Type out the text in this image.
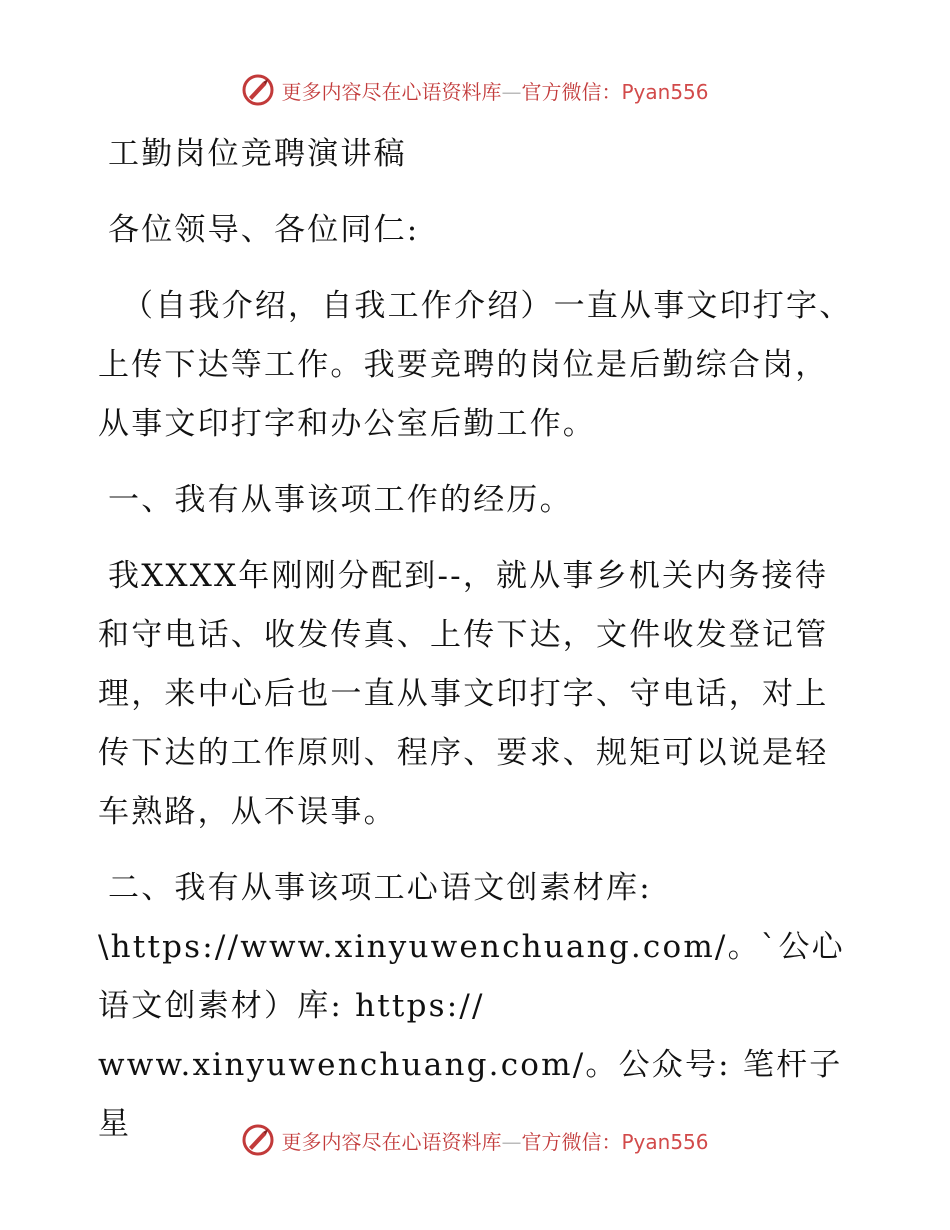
更多内容尽在心语资料库—官方微信：Pyan556

工勤岗位竞聘演讲稿

各位领导、各位同仁:

（自我介绍，自我工作介绍）一直从事文印打字、上传下达等工作。我要竞聘的岗位是后勤综合岗，从事文印打字和办公室后勤工作。

一、我有从事该项工作的经历。

我XXXX年刚刚分配到--，就从事乡机关内务接待和守电话、收发传真、上传下达，文件收发登记管理，来中心后也一直从事文印打字、守电话，对上传下达的工作原则、程序、要求、规矩可以说是轻车熟路，从不误事。

二、我有从事该项工心语文创素材库:

\https://www.xinyuwenchuang.com/。`公心语文创素材）库: https://

www.xinyuwenchuang.com/。公众号: 笔杆子星	更多内容尽在心语资料库—官方微信：Pyan556
